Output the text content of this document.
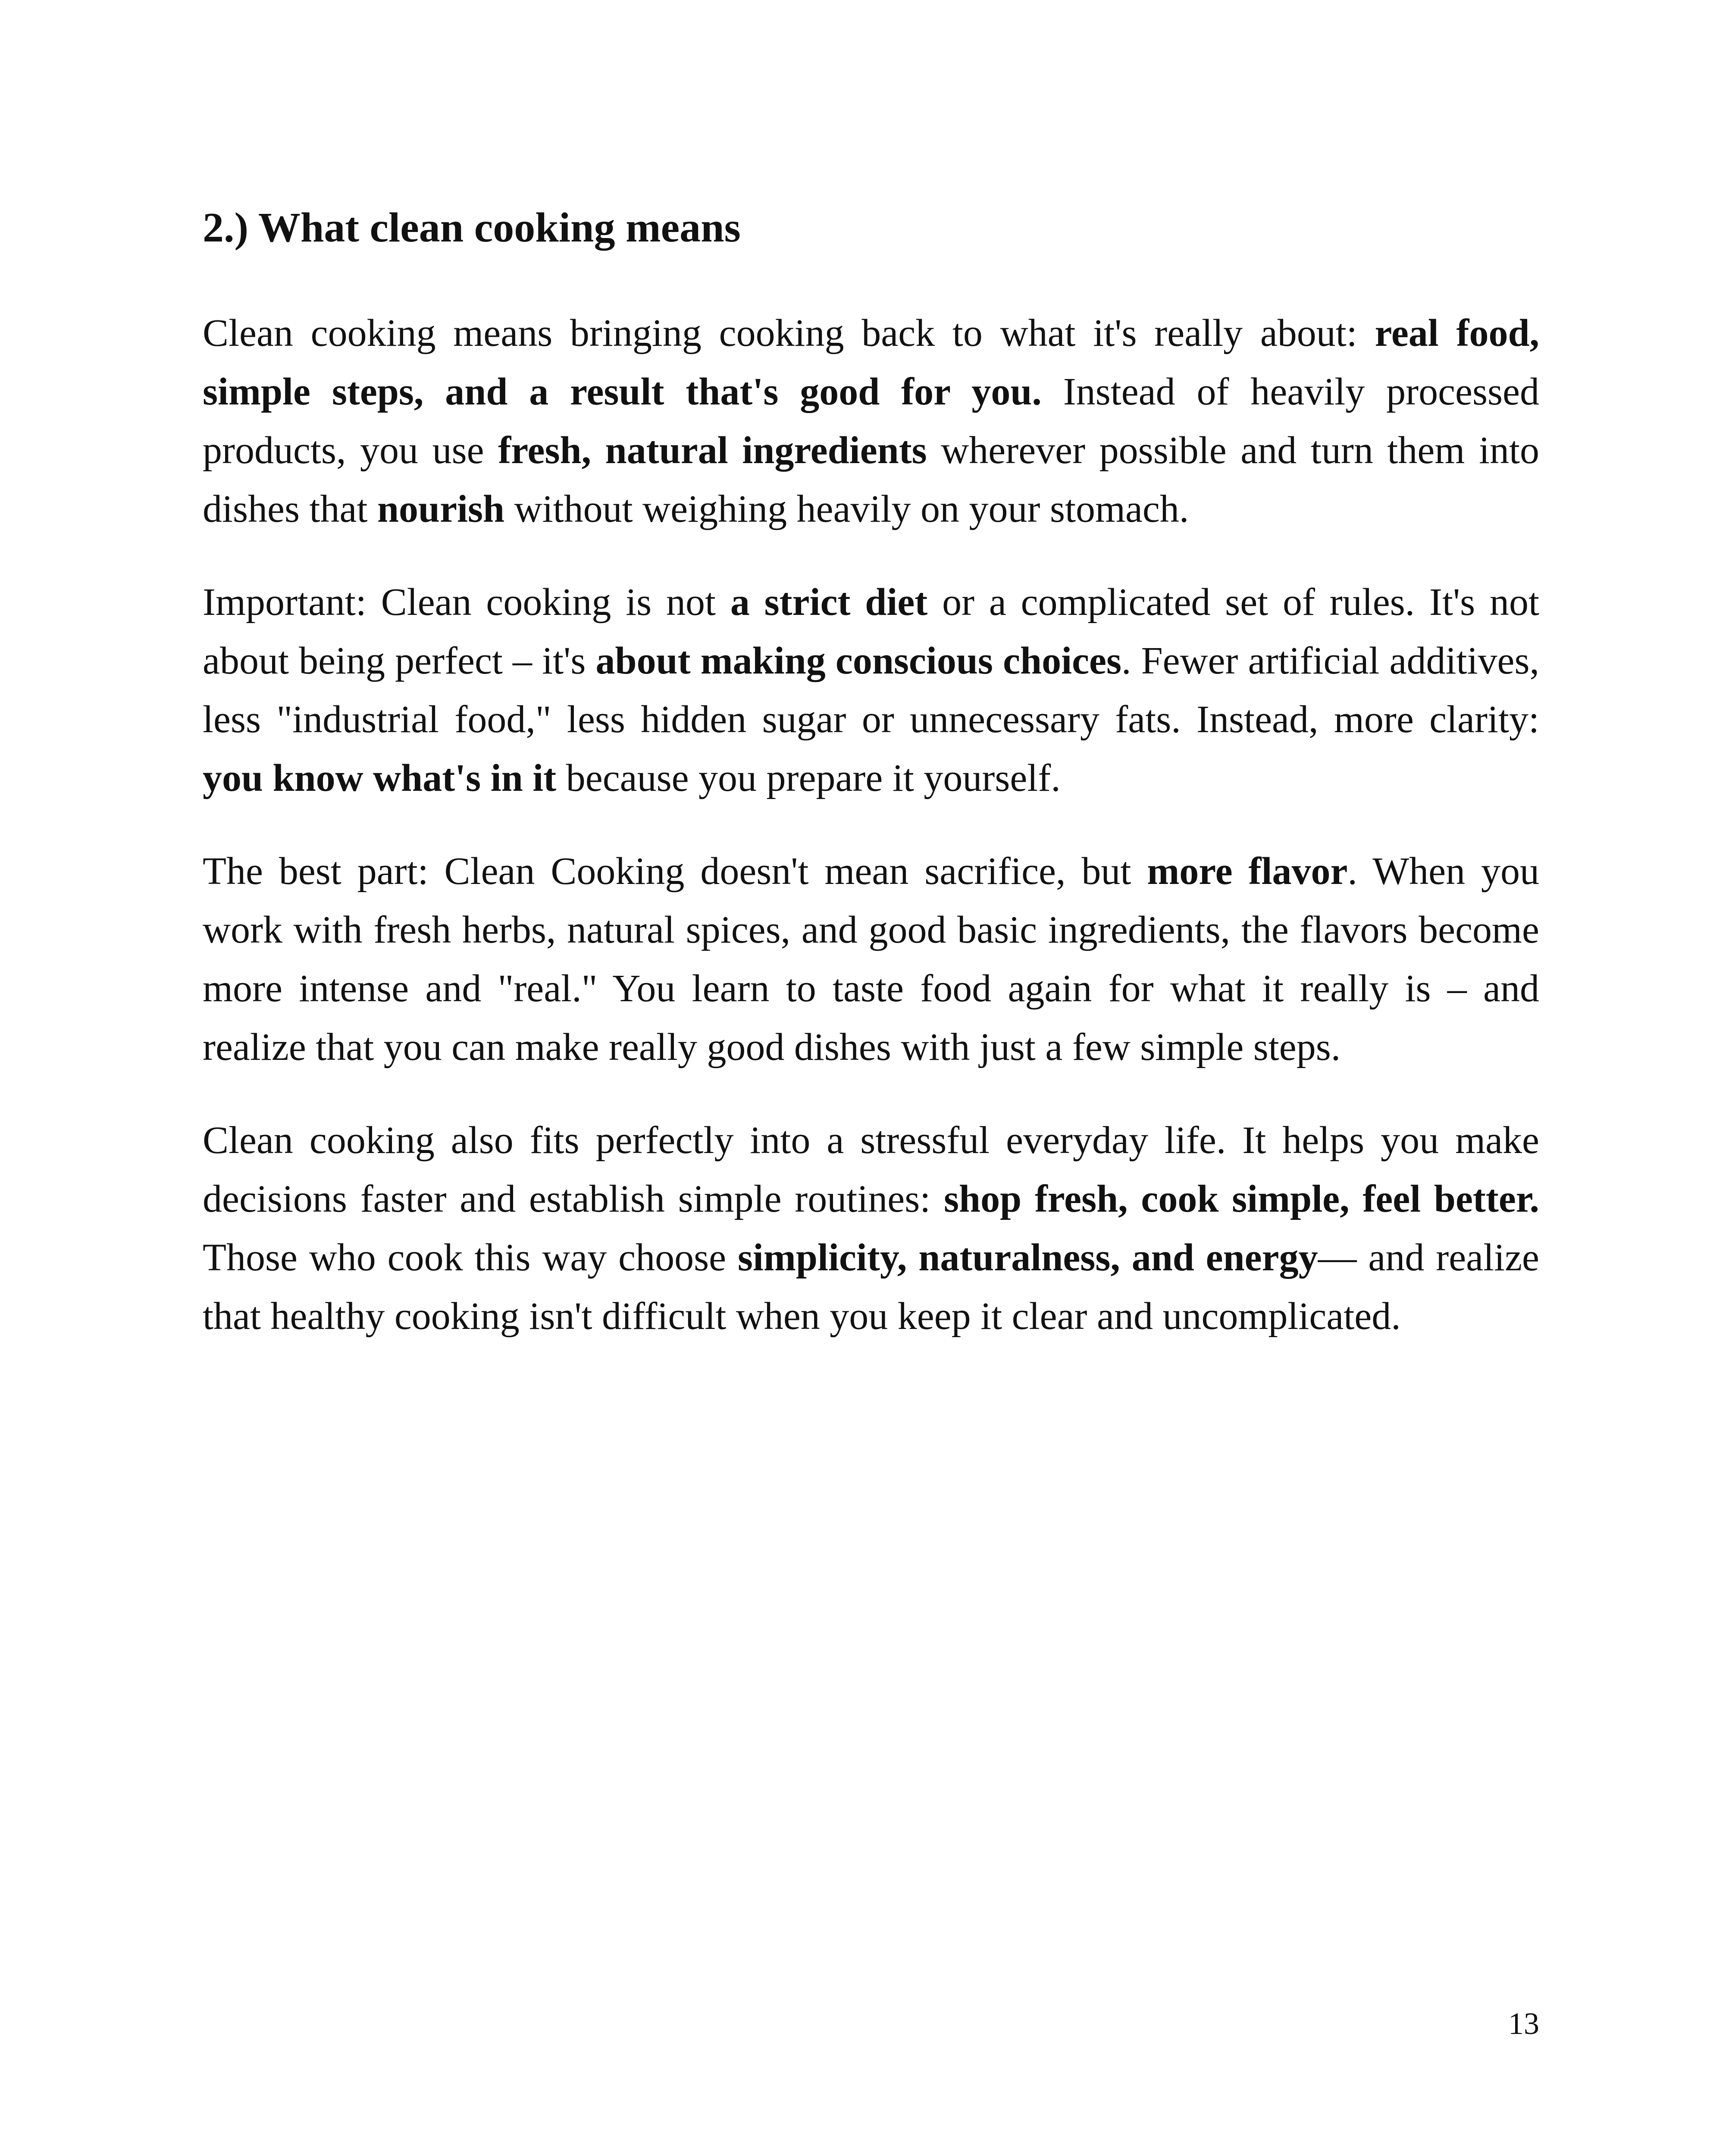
2.) What clean cooking means

Clean cooking means bringing cooking back to what it's really about: real food, simple steps, and a result that's good for you. Instead of heavily processed products, you use fresh, natural ingredients wherever possible and turn them into dishes that nourish without weighing heavily on your stomach.

Important: Clean cooking is not a strict diet or a complicated set of rules. It's not about being perfect – it's about making conscious choices. Fewer artificial additives, less "industrial food," less hidden sugar or unnecessary fats. Instead, more clarity: you know what's in it because you prepare it yourself.

The best part: Clean Cooking doesn't mean sacrifice, but more flavor. When you work with fresh herbs, natural spices, and good basic ingredients, the flavors become more intense and "real." You learn to taste food again for what it really is – and realize that you can make really good dishes with just a few simple steps.

Clean cooking also fits perfectly into a stressful everyday life. It helps you make decisions faster and establish simple routines: shop fresh, cook simple, feel better. Those who cook this way choose simplicity, naturalness, and energy— and realize that healthy cooking isn't difficult when you keep it clear and uncomplicated.

13
